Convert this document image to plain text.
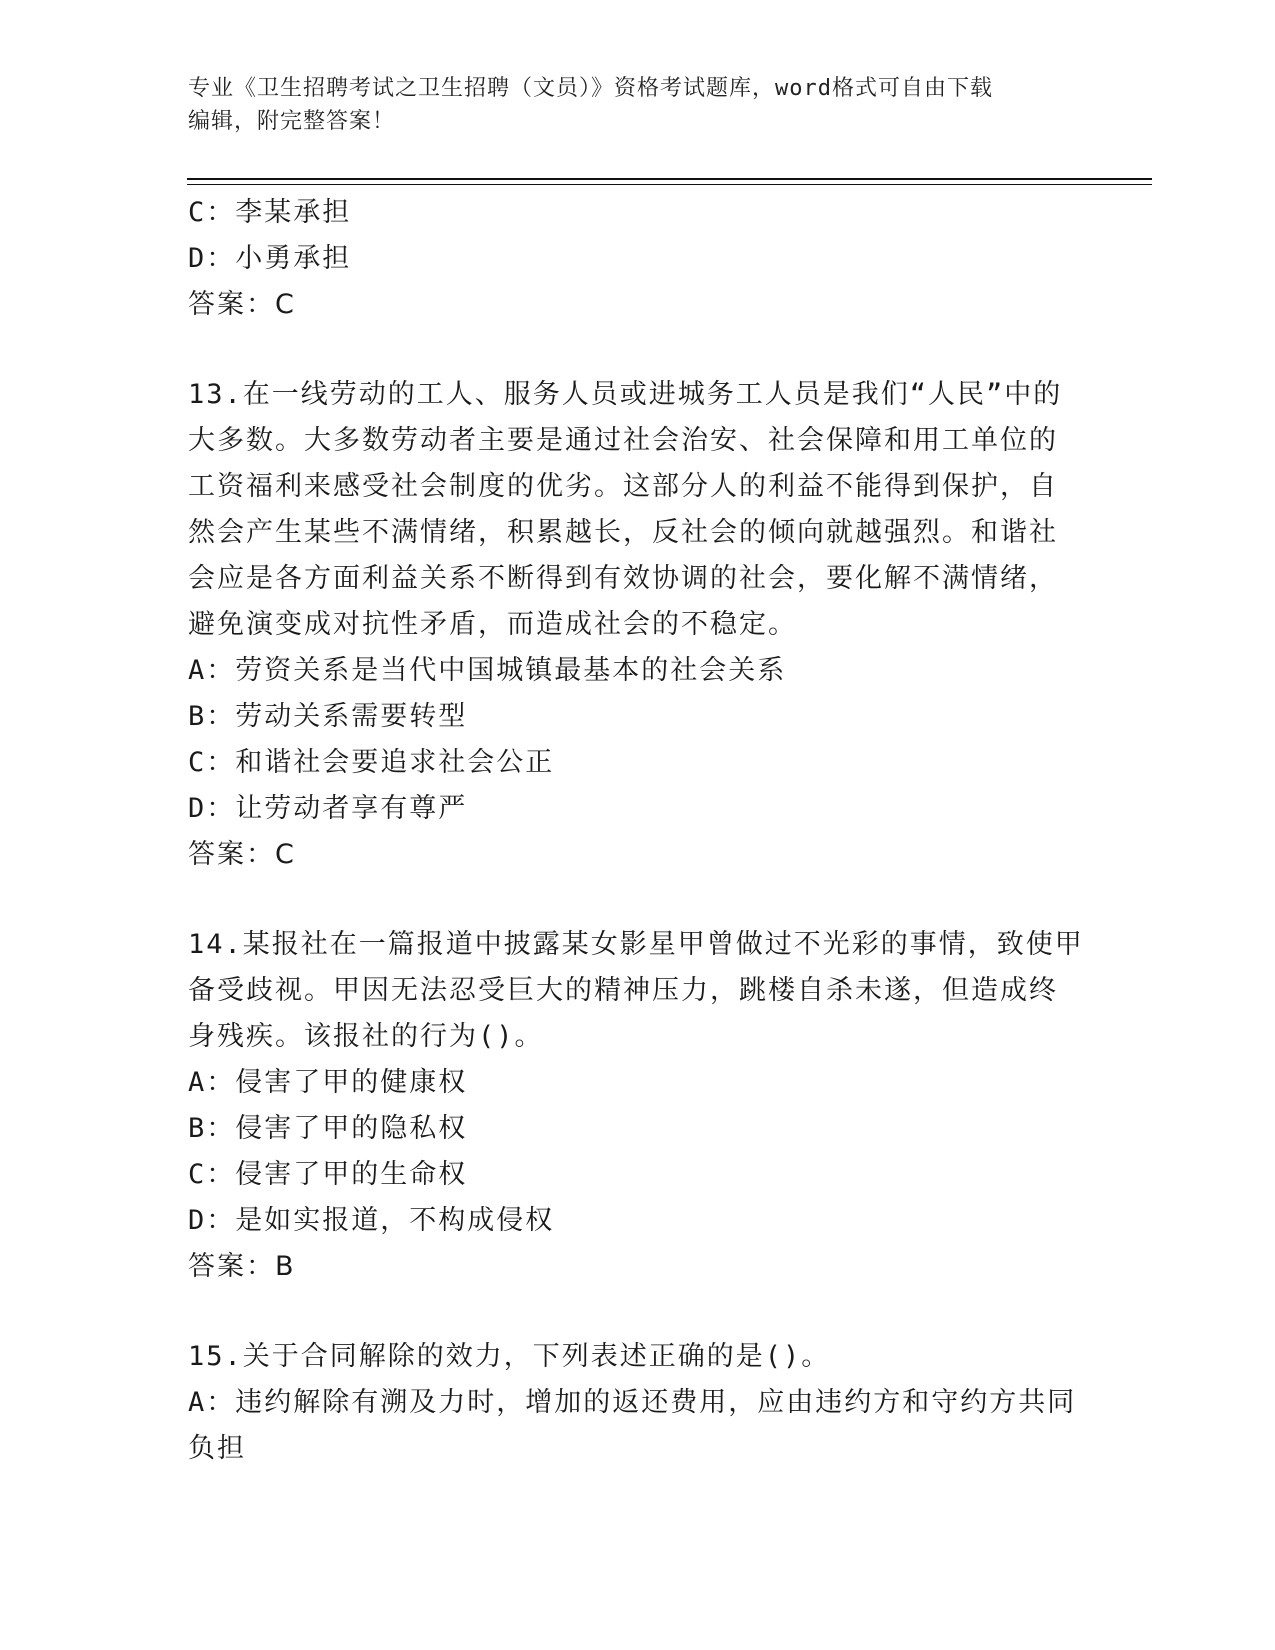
专业《卫生招聘考试之卫生招聘（文员）》资格考试题库，word格式可自由下载
编辑，附完整答案！
C：李某承担
D：小勇承担
答案：C
13.在一线劳动的工人、服务人员或进城务工人员是我们“人民”中的
大多数。大多数劳动者主要是通过社会治安、社会保障和用工单位的
工资福利来感受社会制度的优劣。这部分人的利益不能得到保护，自
然会产生某些不满情绪，积累越长，反社会的倾向就越强烈。和谐社
会应是各方面利益关系不断得到有效协调的社会，要化解不满情绪，
避免演变成对抗性矛盾，而造成社会的不稳定。
A：劳资关系是当代中国城镇最基本的社会关系
B：劳动关系需要转型
C：和谐社会要追求社会公正
D：让劳动者享有尊严
答案：C
14.某报社在一篇报道中披露某女影星甲曾做过不光彩的事情，致使甲
备受歧视。甲因无法忍受巨大的精神压力，跳楼自杀未遂，但造成终
身残疾。该报社的行为()。
A：侵害了甲的健康权
B：侵害了甲的隐私权
C：侵害了甲的生命权
D：是如实报道，不构成侵权
答案：B
15.关于合同解除的效力，下列表述正确的是()。
A：违约解除有溯及力时，增加的返还费用，应由违约方和守约方共同
负担
